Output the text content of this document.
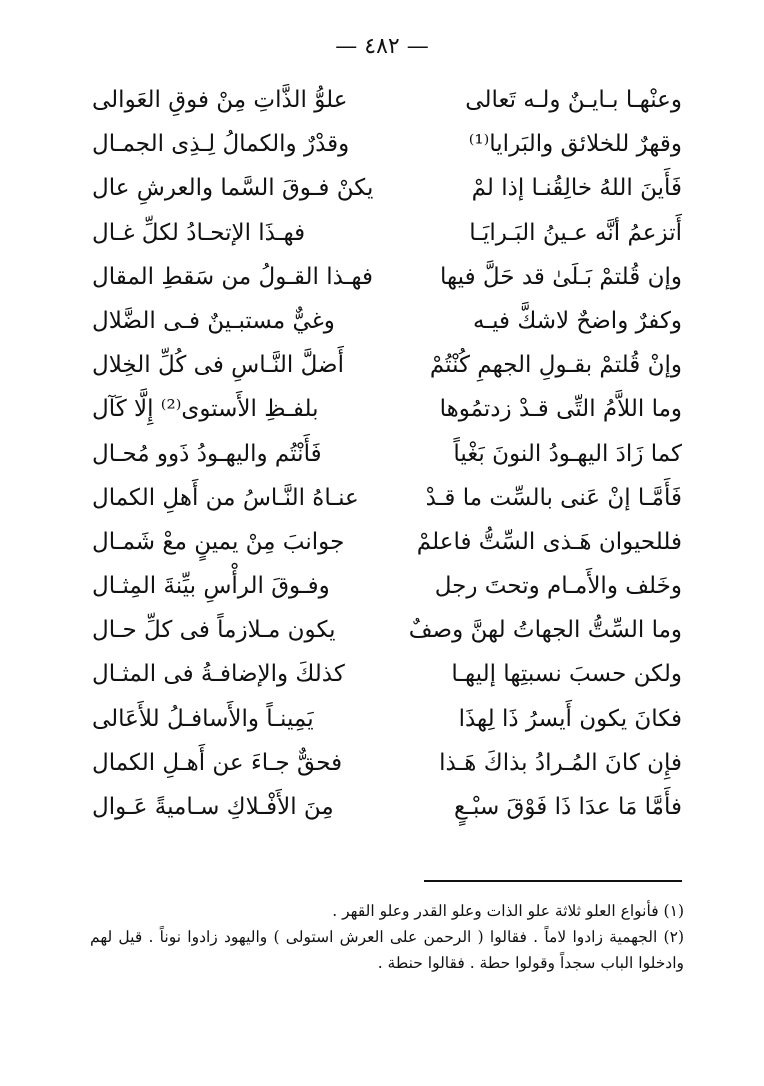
— ٤٨٢ —
وعنْهـا بـايـنٌ ولـه تَعالى
علوُّ الذَّاتِ مِنْ فوقِ العَوالى
وقهرٌ للخلائق والبَرايا⁽¹⁾
وقدْرٌ والكمالُ لِـذِى الجمـال
فَأَينَ اللهُ خالِقُنـا إذا لمْ
يكنْ فـوقَ السَّما والعرشِ عال
أَتزعمُ أنَّه عـينُ البَـرايَـا
فهـذَا الإتحـادُ لكلِّ غـال
وإن قُلتمْ بَـلَىٰ قد حَلَّ فيها
فهـذا القـولُ من سَقطِ المقال
وكفرٌ واضحٌ لاشكَّ فيـه
وغيٌّ مستبـينٌ فـى الضَّلال
وإنْ قُلتمْ بقـولِ الجهمِ كُنْتُمْ
أَضلَّ النَّـاسِ فى كُلِّ الخِلال
وما اللاَّمُ التِّى قـدْ زدتمُوها
بلفـظِ الأَستوى⁽²⁾ إِلَّا كَآل
كما زَادَ اليهـودُ النونَ بَغْياً
فَأَنْتُم واليهـودُ ذَوو مُحـال
فَأَمَّـا إنْ عَنى بالسِّت ما قـدْ
عنـاهُ النَّـاسُ من أَهلِ الكمال
فللحيوان هَـذى السِّتُّ فاعلمْ
جوانبَ مِنْ يمينٍ معْ شَمـال
وخَلف والأَمـام وتحتَ رجل
وفـوقَ الرأْسِ بيِّنةَ المِثـال
وما السِّتُّ الجهاتُ لهنَّ وصفٌ
يكون مـلازماً فى كلِّ حـال
ولكن حسبَ نسبتِها إليهـا
كذلكَ والإضافـةُ فى المثـال
فكانَ يكون أَيسرُ ذَا لِهذَا
يَمِينـاً والأَسافـلُ للأَعَالى
فإِن كانَ المُـرادُ بذاكَ هَـذا
فحقٌّ جـاءَ عن أَهـلِ الكمال
فأَمَّا مَا عدَا ذَا فَوْقَ سبْـعٍ
مِنَ الأَفْـلاكِ سـاميةً عَـوال

(١) فأنواع العلو ثلاثة علو الذات وعلو القدر وعلو القهر .

(٢) الجهمية زادوا لاماً . فقالوا ( الرحمن على العرش استولى ) واليهود زادوا نوناً . قيل لهم وادخلوا الباب سجداً وقولوا حطة . فقالوا حنطة .
